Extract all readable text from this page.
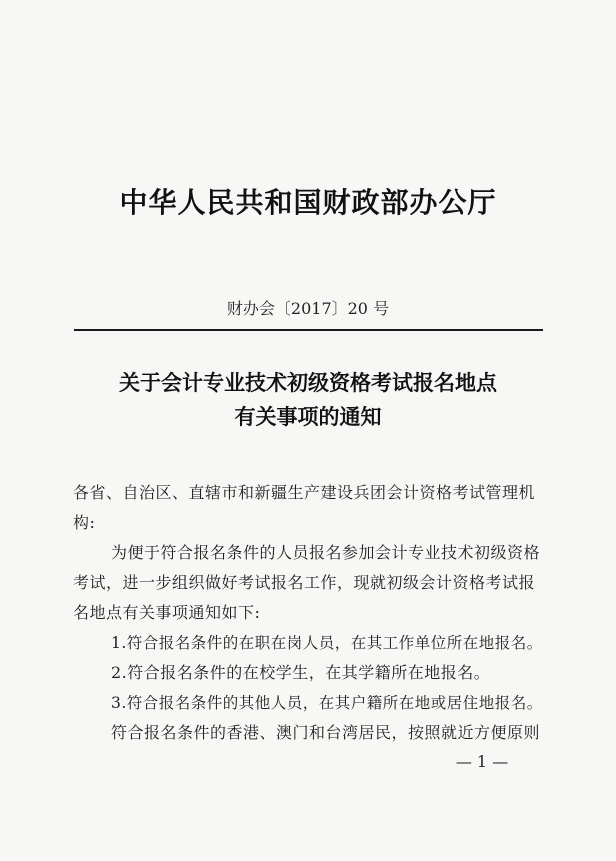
中华人民共和国财政部办公厅
财办会〔2017〕20 号
关于会计专业技术初级资格考试报名地点
有关事项的通知

各省、自治区、直辖市和新疆生产建设兵团会计资格考试管理机

构:

为便于符合报名条件的人员报名参加会计专业技术初级资格

考试，进一步组织做好考试报名工作，现就初级会计资格考试报

名地点有关事项通知如下:

1.符合报名条件的在职在岗人员，在其工作单位所在地报名。

2.符合报名条件的在校学生，在其学籍所在地报名。

3.符合报名条件的其他人员，在其户籍所在地或居住地报名。

符合报名条件的香港、澳门和台湾居民，按照就近方便原则

— 1 —
